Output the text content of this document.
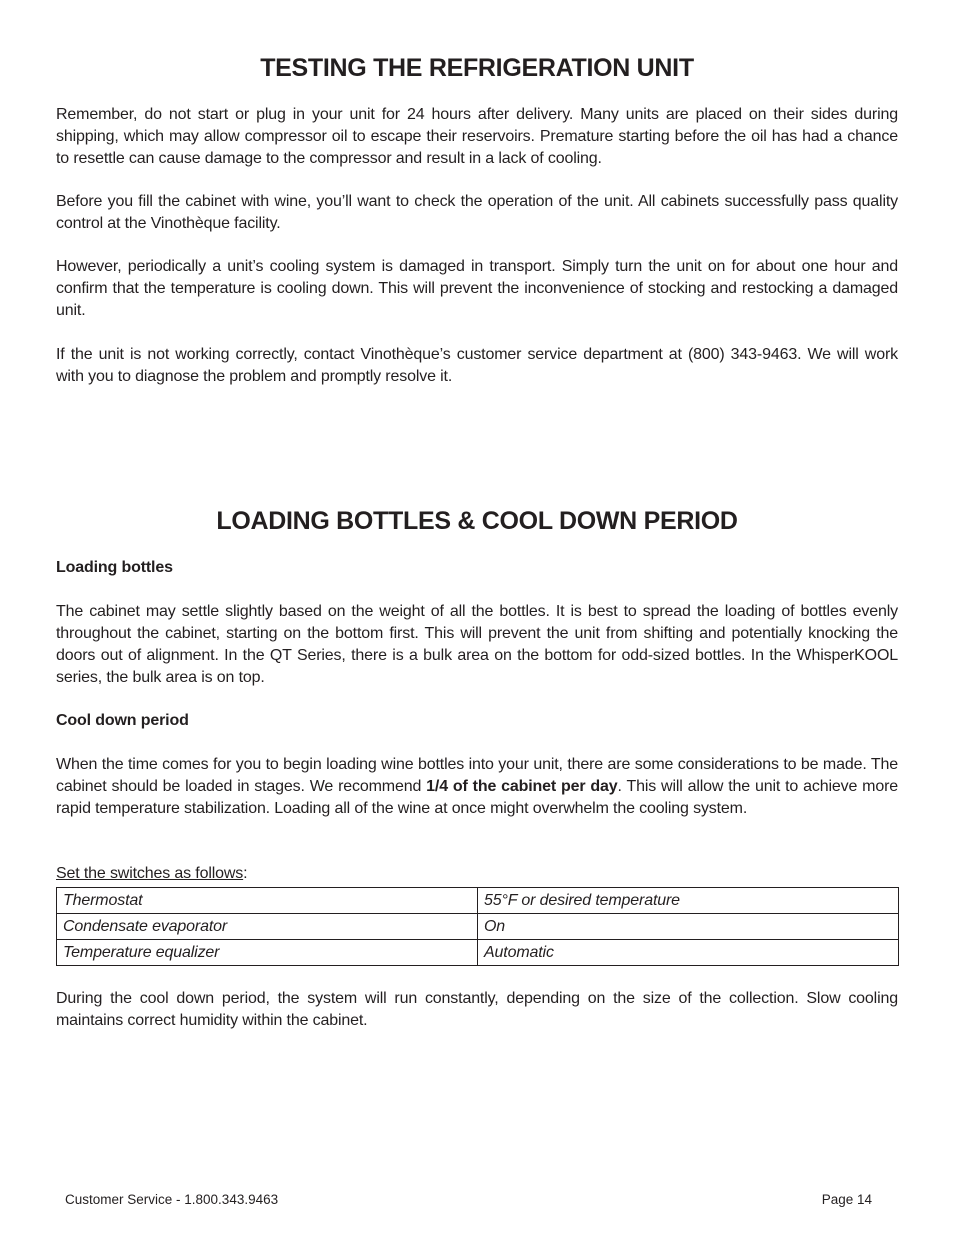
TESTING THE REFRIGERATION UNIT

Remember, do not start or plug in your unit for 24 hours after delivery. Many units are placed on their sides during shipping, which may allow compressor oil to escape their reservoirs. Premature starting before the oil has had a chance to resettle can cause damage to the compressor and result in a lack of cooling.

Before you fill the cabinet with wine, you’ll want to check the operation of the unit. All cabinets successfully pass quality control at the Vinothèque facility.

However, periodically a unit’s cooling system is damaged in transport. Simply turn the unit on for about one hour and confirm that the temperature is cooling down. This will prevent the inconvenience of stocking and restocking a damaged unit.

If the unit is not working correctly, contact Vinothèque’s customer service department at (800) 343-9463. We will work with you to diagnose the problem and promptly resolve it.

LOADING BOTTLES & COOL DOWN PERIOD

Loading bottles

The cabinet may settle slightly based on the weight of all the bottles. It is best to spread the loading of bottles evenly throughout the cabinet, starting on the bottom first. This will prevent the unit from shifting and potentially knocking the doors out of alignment. In the QT Series, there is a bulk area on the bottom for odd-sized bottles. In the WhisperKOOL series, the bulk area is on top.

Cool down period

When the time comes for you to begin loading wine bottles into your unit, there are some considerations to be made. The cabinet should be loaded in stages. We recommend 1/4 of the cabinet per day. This will allow the unit to achieve more rapid temperature stabilization. Loading all of the wine at once might overwhelm the cooling system.

Set the switches as follows:

Thermostat	55°F or desired temperature
Condensate evaporator	On
Temperature equalizer	Automatic

During the cool down period, the system will run constantly, depending on the size of the collection. Slow cooling maintains correct humidity within the cabinet.

Customer Service - 1.800.343.9463	Page 14
